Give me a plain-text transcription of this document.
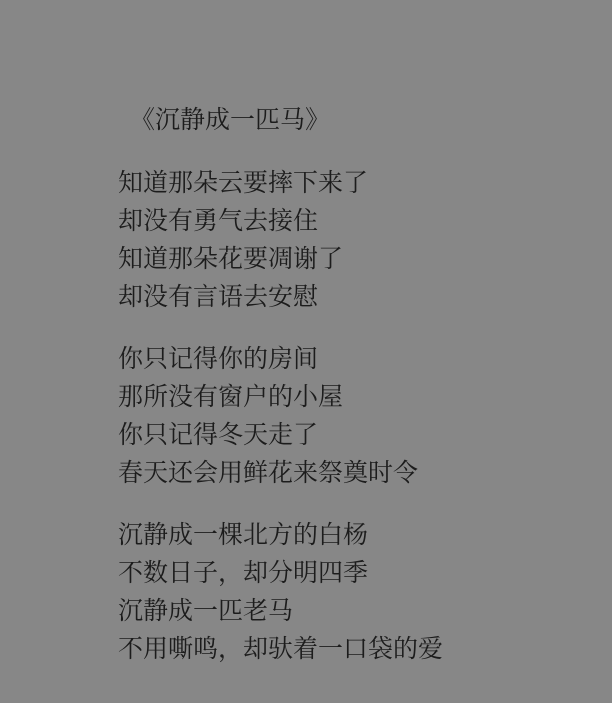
《沉静成一匹马》
知道那朵云要摔下来了
却没有勇气去接住
知道那朵花要凋谢了
却没有言语去安慰
你只记得你的房间
那所没有窗户的小屋
你只记得冬天走了
春天还会用鲜花来祭奠时令
沉静成一棵北方的白杨
不数日子，却分明四季
沉静成一匹老马
不用嘶鸣，却驮着一口袋的爱
